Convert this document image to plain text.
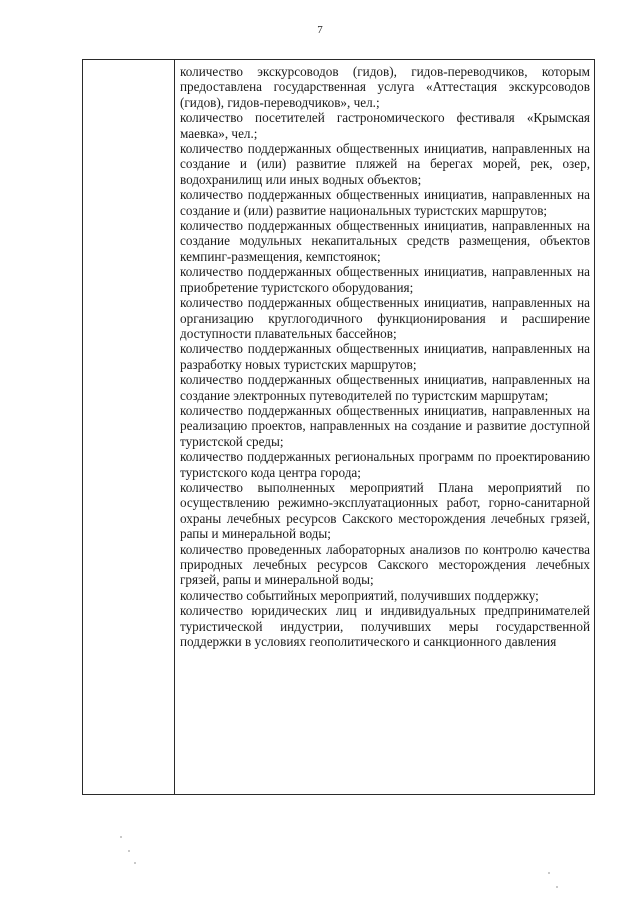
7

количество экскурсоводов (гидов), гидов-переводчиков, которым предоставлена государственная услуга «Аттестация экскурсоводов (гидов), гидов-переводчиков», чел.;

количество посетителей гастрономического фестиваля «Крымская маевка», чел.;

количество поддержанных общественных инициатив, направленных на создание и (или) развитие пляжей на берегах морей, рек, озер, водохранилищ или иных водных объектов;

количество поддержанных общественных инициатив, направленных на создание и (или) развитие национальных туристских маршрутов;

количество поддержанных общественных инициатив, направленных на создание модульных некапитальных средств размещения, объектов кемпинг-размещения, кемпстоянок;

количество поддержанных общественных инициатив, направленных на приобретение туристского оборудования;

количество поддержанных общественных инициатив, направленных на организацию круглогодичного функционирования и расширение доступности плавательных бассейнов;

количество поддержанных общественных инициатив, направленных на разработку новых туристских маршрутов;

количество поддержанных общественных инициатив, направленных на создание электронных путеводителей по туристским маршрутам;

количество поддержанных общественных инициатив, направленных на реализацию проектов, направленных на создание и развитие доступной туристской среды;

количество поддержанных региональных программ по проектированию туристского кода центра города;

количество выполненных мероприятий Плана мероприятий по осуществлению режимно-эксплуатационных работ, горно-санитарной охраны лечебных ресурсов Сакского месторождения лечебных грязей, рапы и минеральной воды;

количество проведенных лабораторных анализов по контролю качества природных лечебных ресурсов Сакского месторождения лечебных грязей, рапы и минеральной воды;

количество событийных мероприятий, получивших поддержку;

количество юридических лиц и индивидуальных предпринимателей туристической индустрии, получивших меры государственной поддержки в условиях геополитического и санкционного давления
